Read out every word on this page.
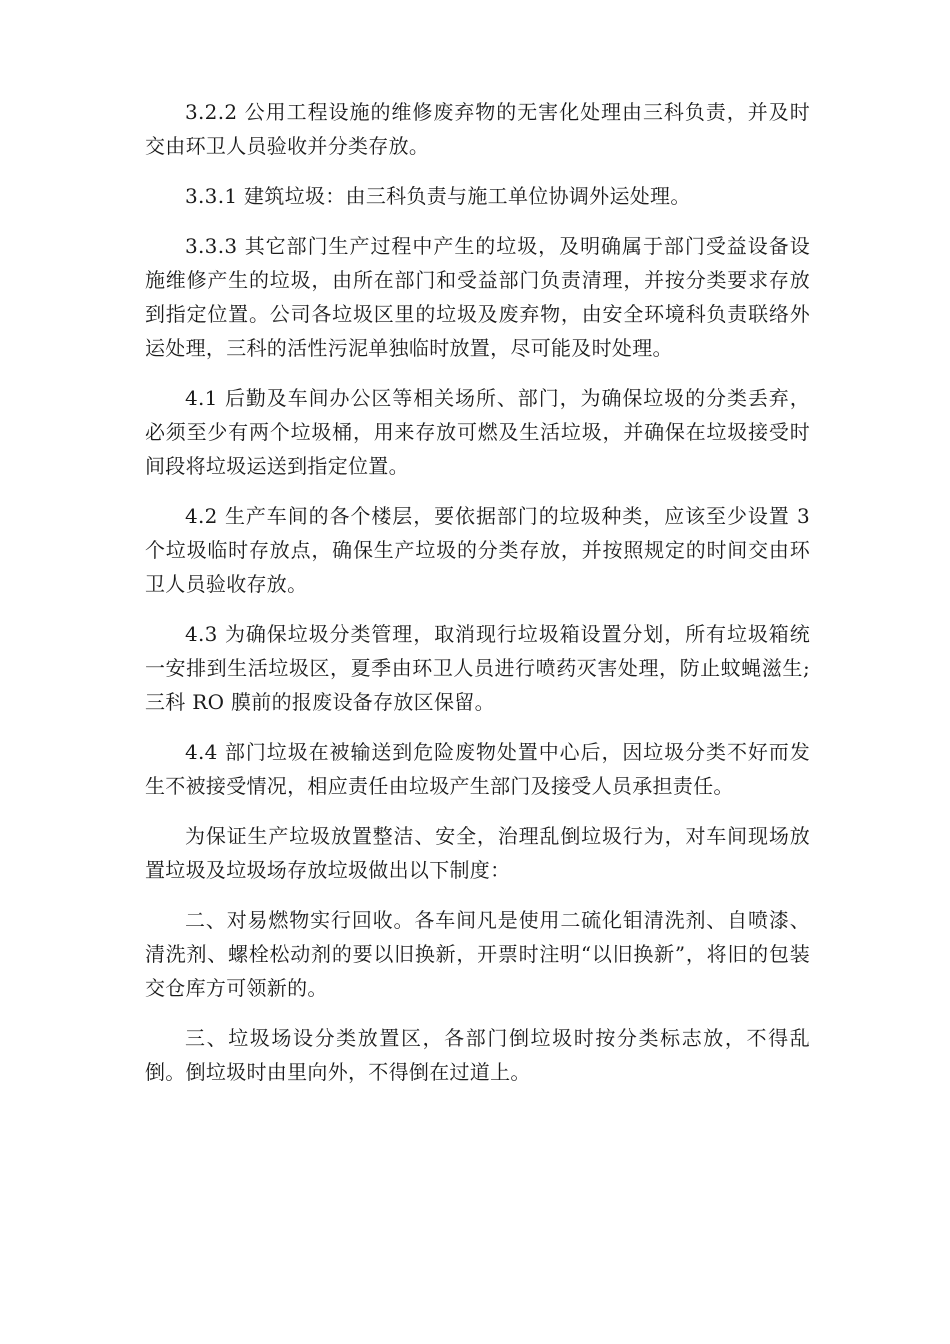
3.2.2 公用工程设施的维修废弃物的无害化处理由三科负责，并及时交由环卫人员验收并分类存放。

3.3.1 建筑垃圾：由三科负责与施工单位协调外运处理。

3.3.3 其它部门生产过程中产生的垃圾，及明确属于部门受益设备设施维修产生的垃圾，由所在部门和受益部门负责清理，并按分类要求存放到指定位置。公司各垃圾区里的垃圾及废弃物，由安全环境科负责联络外运处理，三科的活性污泥单独临时放置，尽可能及时处理。

4.1 后勤及车间办公区等相关场所、部门，为确保垃圾的分类丢弃，必须至少有两个垃圾桶，用来存放可燃及生活垃圾，并确保在垃圾接受时间段将垃圾运送到指定位置。

4.2 生产车间的各个楼层，要依据部门的垃圾种类，应该至少设置 3 个垃圾临时存放点，确保生产垃圾的分类存放，并按照规定的时间交由环卫人员验收存放。

4.3 为确保垃圾分类管理，取消现行垃圾箱设置分划，所有垃圾箱统一安排到生活垃圾区，夏季由环卫人员进行喷药灭害处理，防止蚊蝇滋生;三科 RO 膜前的报废设备存放区保留。

4.4 部门垃圾在被输送到危险废物处置中心后，因垃圾分类不好而发生不被接受情况，相应责任由垃圾产生部门及接受人员承担责任。

为保证生产垃圾放置整洁、安全，治理乱倒垃圾行为，对车间现场放置垃圾及垃圾场存放垃圾做出以下制度：

二、对易燃物实行回收。各车间凡是使用二硫化钼清洗剂、自喷漆、清洗剂、螺栓松动剂的要以旧换新，开票时注明“以旧换新”，将旧的包装交仓库方可领新的。

三、垃圾场设分类放置区，各部门倒垃圾时按分类标志放，不得乱倒。倒垃圾时由里向外，不得倒在过道上。
